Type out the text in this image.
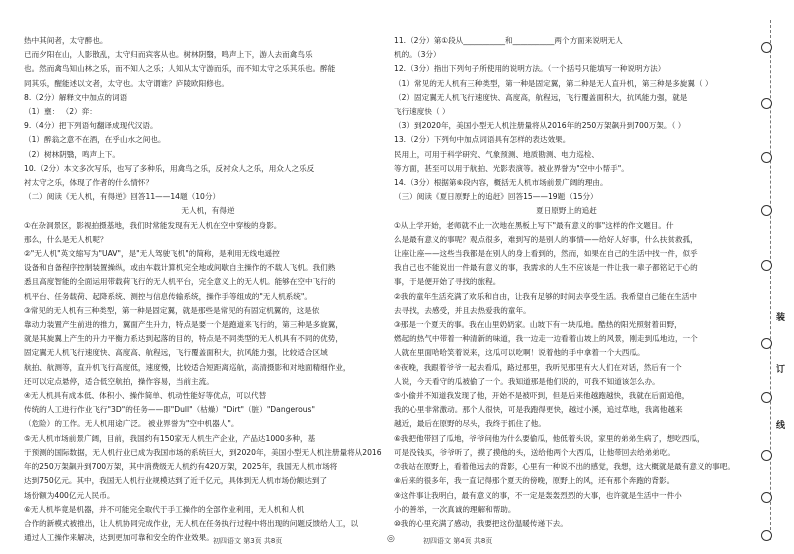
热中其间者，太守醉也。

已而夕阳在山，人影散乱，太守归而宾客从也。树林阴翳，鸣声上下，游人去而禽鸟乐

也。然而禽鸟知山林之乐，而不知人之乐；人知从太守游而乐，而不知太守之乐其乐也。醉能

同其乐，醒能述以文者，太守也。太守谓谁？庐陵欧阳修也。

8.（2分）解释文中加点的词语

（1）壅： （2）弈：

9.（4分）把下列语句翻译成现代汉语。

（1）醉翁之意不在酒，在乎山水之间也。

（2）树林阴翳，鸣声上下。

10.（2分）本文多次写乐，也写了多种乐，用禽鸟之乐，反衬众人之乐，用众人之乐反

衬太守之乐，体现了作者的什么情怀？

（二）阅读《无人机，有得逆》回答11——14题（10分）

无人机，有得逆

①在杂洞景区，影视拍摄基地，我们时常能发现有无人机在空中穿梭的身影。

那么，什么是无人机呢？

②"无人机"英文缩写为"UAV"，是"无人驾驶飞机"的简称，是利用无线电遥控

设备和自备程序控制装置操纵，或由车载计算机完全地或间歇自主操作的不载人飞机。我们熟

悉且高度智能的全面运用带载荷飞行的无人机平台，完全意义上的无人机。能够在空中飞行的

机平台、任务载荷、起降系统、测控与信息传输系统，操作手等组成的"无人机系统"。

③常见的无人机有三种类型，第一种是固定翼，就是那些是常见的有固定机翼的，这是依

靠动力装置产生前进的推力，翼面产生升力，特点是要一个是跑道来飞行的，第三种是多旋翼，

就是其旋翼上产生的升力平衡力系达到起落的目的，特点是不同类型的无人机具有不同的优势，

固定翼无人机飞行速度快、高度高、航程远，飞行覆盖面积大，抗风能力强，比较适合区域

航拍、航测等，直升机飞行高度低，速度慢，比较适合短距离巡航，高清摄影和对地面精细作业，

还可以定点悬停，适合低空航拍，操作容易，当前主流。

④无人机具有成本低、体积小、操作简单、机动性能好等优点，可以代替

传统的人工进行作业飞行"3D"的任务——即"Dull"（枯燥）"Dirt"（脏）"Dangerous"

（危险）的工作。无人机用途广泛。 被业界誉为"空中机器人"。

⑤无人机市场前景广阔，目前，我国约有150家无人机生产企业，产品达1000多种，基

于预测的国际数据，无人机行业已成为我国市场的系统巨大，到2020年，美国小型无人机注册量将从2016

年的250万架飙升到700万架，其中消费级无人机约有420万架，2025年，我国无人机市场将

达到750亿元。其中，我国无人机行业规模达到了近千亿元，具体到无人机市场份额达到了

场份额为400亿元人民币。

⑥无人机毕竟是机器，并不可能完全取代于手工操作的全部作业利用，无人机和人机

合作的新模式被推出，让人机协同完成作业，无人机在任务执行过程中将出现的问题反馈给人工，以

通过人工操作来解决，达到更加可靠和安全的作业效果。

11.（2分）第①段从___________和___________两个方面来说明无人

机的。（3分）

12.（3分）指出下列句子所使用的说明方法。（一个括号只能填写一种说明方法）

（1）常见的无人机有三种类型，第一种是固定翼，第二种是无人直升机，第三种是多旋翼（ ）

（2）固定翼无人机飞行速度快、高度高，航程远，飞行覆盖面积大，抗风能力强，就是

飞行速度快（ ）

（3）到2020年，美国小型无人机注册量将从2016年的250万架飙升到700万架。（ ）

13.（2分）下列句中加点词语具有怎样的表达效果。

民用上，可用于科学研究、气象预测、地质勘测、电力巡检、

等方面，甚至可以用于航拍、光影表演等。被业界誉为"空中小帮手"。

14.（3分）根据第⑥段内容，概括无人机市场前景广阔的理由。

（三）阅读《夏日原野上的追赶》回答15——19题（15分）

夏日原野上的追赶

①从上学开始，老师就不止一次地在黑板上写下"最有意义的事"这样的作文题目。什

么是最有意义的事呢？观点很多，难到写的是别人的事情——给好人好事，什么扶贫救孤，

让座让座——这些当我都是在别人的身上看到的，然而，如果在自己的生活中找一件，似乎

我自己也不能说出一件最有意义的事，我需求的人生不应该是一件让我一辈子都铭记于心的

事，于是便开始了寻找的旅程。

②我的童年生活充满了欢乐和自由，让我有足够的时间去享受生活。我希望自己能在生活中

去寻找，去感受，并且去热爱我的童年。

③那是一个夏天的事。我在山里奶奶家。山坡下有一块瓜地。酷热的阳光照射着田野，

燃起的热气中带着一种清新的味道，我一边走一边看着山坡上的风景，刚走到瓜地边，一个

人就在里面哈哈笑着说来，这瓜可以吃啊！说着他的手中拿着一个大西瓜。

④夜晚，我跟着爷爷一起去看瓜，路过那里，我听见那里有大人们在对话，然后有一个

人说，今天看守的瓜被偷了一个。我知道那是他们说的，可我不知道该怎么办。

⑤小偷并不知道我发现了他，开始不是被吓到，但是后来他越跑越快，我就在后面追他，

我的心里非常激动。那个人很快，可是我跑得更快，越过小溪，追过草地，我离他越来

越近，最后在原野的尽头，我终于抓住了他。

⑥我把他带回了瓜地，爷爷问他为什么要偷瓜，他低着头说，家里的弟弟生病了，想吃西瓜，

可是没钱买，爷爷听了，摸了摸他的头，送给他两个大西瓜，让他带回去给弟弟吃。

⑦我站在原野上，看着他远去的背影，心里有一种说不出的感觉，我想，这大概就是最有意义的事吧。

⑧后来的很多年，我一直记得那个夏天的傍晚，原野上的风，还有那个奔跑的背影。

⑨这件事让我明白，最有意义的事，不一定是轰轰烈烈的大事，也许就是生活中一件小

小的善举，一次真诚的理解和帮助。

⑩我的心里充满了感动，我要把这份温暖传递下去。

初四语文 第3页 共8页	◎	初四语文 第4页 共8页
装
订
线
